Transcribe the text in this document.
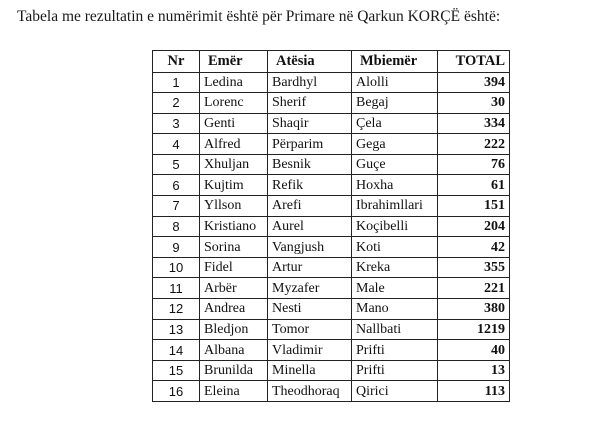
Tabela me rezultatin e numërimit është për Primare në Qarkun KORÇË është:
Nr	Emër	Atësia	Mbiemër	TOTAL
1	Ledina	Bardhyl	Alolli	394
2	Lorenc	Sherif	Begaj	30
3	Genti	Shaqir	Çela	334
4	Alfred	Përparim	Gega	222
5	Xhuljan	Besnik	Guçe	76
6	Kujtim	Refik	Hoxha	61
7	Yllson	Arefi	Ibrahimllari	151
8	Kristiano	Aurel	Koçibelli	204
9	Sorina	Vangjush	Koti	42
10	Fidel	Artur	Kreka	355
11	Arbër	Myzafer	Male	221
12	Andrea	Nesti	Mano	380
13	Bledjon	Tomor	Nallbati	1219
14	Albana	Vladimir	Prifti	40
15	Brunilda	Minella	Prifti	13
16	Eleina	Theodhoraq	Qirici	113
